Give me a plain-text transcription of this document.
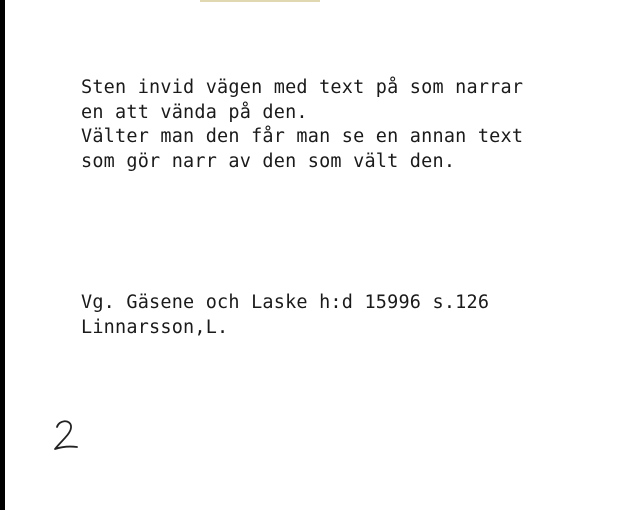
Sten invid vägen med text på som narrar
en att vända på den.
Välter man den får man se en annan text
som gör narr av den som vält den.
Vg. Gäsene och Laske h:d 15996 s.126
Linnarsson,L.
